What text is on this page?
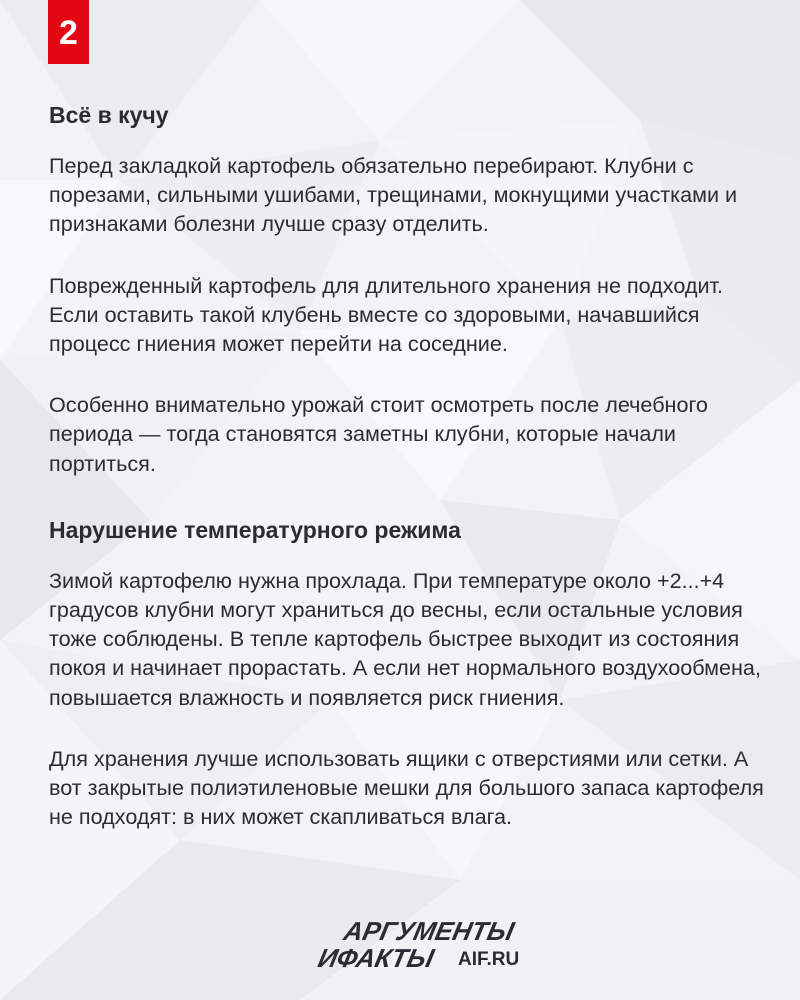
2
Всё в кучу

Перед закладкой картофель обязательно перебирают. Клубни с порезами, сильными ушибами, трещинами, мокнущими участками и признаками болезни лучше сразу отделить.

Поврежденный картофель для длительного хранения не подходит. Если оставить такой клубень вместе со здоровыми, начавшийся процесс гниения может перейти на соседние.

Особенно внимательно урожай стоит осмотреть после лечебного периода — тогда становятся заметны клубни, которые начали портиться.

Нарушение температурного режима

Зимой картофелю нужна прохлада. При температуре около +2...+4 градусов клубни могут храниться до весны, если остальные условия тоже соблюдены. В тепле картофель быстрее выходит из состояния покоя и начинает прорастать. А если нет нормального воздухообмена, повышается влажность и появляется риск гниения.

Для хранения лучше использовать ящики с отверстиями или сетки. А вот закрытые полиэтиленовые мешки для большого запаса картофеля не подходят: в них может скапливаться влага.

АРГУМЕНТЫ
ИФАКТЫ AIF.RU
